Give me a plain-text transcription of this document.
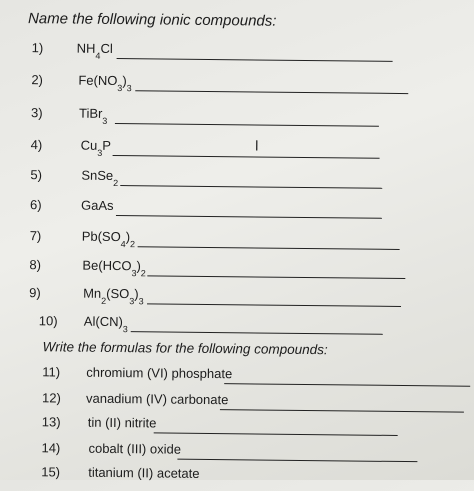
Name the following ionic compounds:
1)	NH
4 Cl
2)	Fe(NO
3 )
3
3)	TiBr
3
4)	Cu
3 P
5)	SnSe
2
6)	GaAs
7)	Pb(SO
4 )
2
8)	Be(HCO
3 )
2
9)	Mn
2 (SO
3 )
3
10) Al(CN)
3
Write the formulas for the following compounds:
11) chromium (VI) phosphate
12) vanadium (IV) carbonate
13) tin (II) nitrite
14) cobalt (III) oxide
15) titanium (II) acetate
I
